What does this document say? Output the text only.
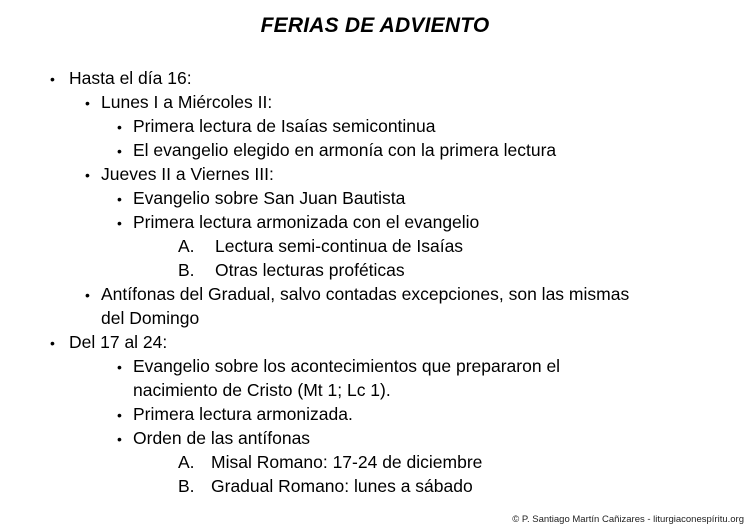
FERIAS DE ADVIENTO
• Hasta el día 16:
• Lunes I a Miércoles II:
• Primera lectura de Isaías semicontinua
• El evangelio elegido en armonía con la primera lectura
• Jueves II a Viernes III:
• Evangelio sobre San Juan Bautista
• Primera lectura armonizada con el evangelio
A. Lectura semi-continua de Isaías
B. Otras lecturas proféticas
• Antífonas del Gradual, salvo contadas excepciones, son las mismas
del Domingo
• Del 17 al 24:
• Evangelio sobre los acontecimientos que prepararon el
nacimiento de Cristo (Mt 1; Lc 1).
• Primera lectura armonizada.
• Orden de las antífonas
A. Misal Romano: 17-24 de diciembre
B. Gradual Romano: lunes a sábado
© P. Santiago Martín Cañizares - liturgiaconespíritu.org
